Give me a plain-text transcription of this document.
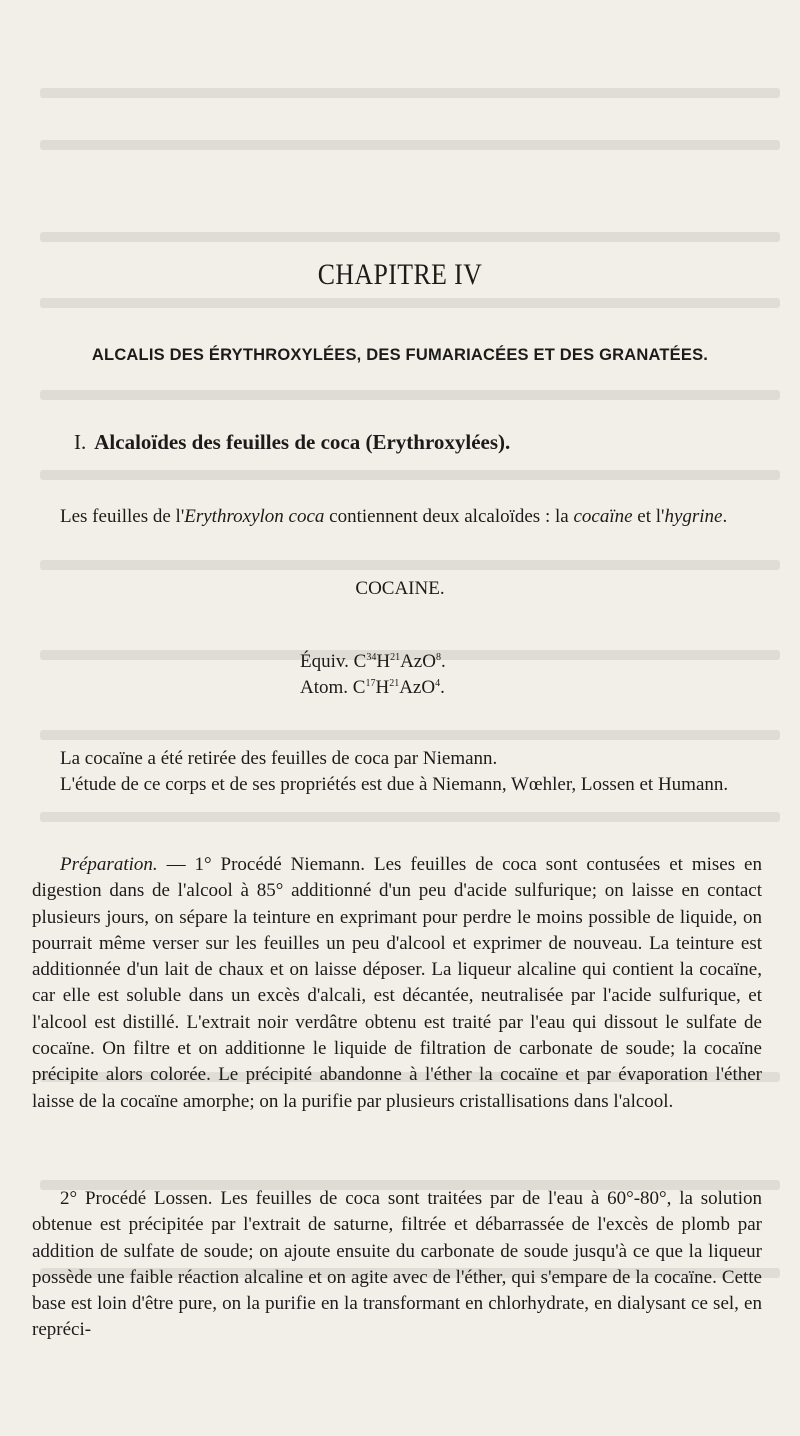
CHAPITRE IV
ALCALIS DES ÉRYTHROXYLÉES, DES FUMARIACÉES ET DES GRANATÉES.
I. Alcaloïdes des feuilles de coca (Erythroxylées).
Les feuilles de l'Erythroxylon coca contiennent deux alcaloïdes : la cocaïne et l'hygrine.
COCAINE.
Équiv. $C^{34}H^{21}AzO^8$.
Atom. $C^{17}H^{21}AzO^4$.
La cocaïne a été retirée des feuilles de coca par Niemann.
L'étude de ce corps et de ses propriétés est due à Niemann, Wœhler, Lossen et Humann.
Préparation. — 1° Procédé Niemann. Les feuilles de coca sont contusées et mises en digestion dans de l'alcool à 85° additionné d'un peu d'acide sulfurique; on laisse en contact plusieurs jours, on sépare la teinture en exprimant pour perdre le moins possible de liquide, on pourrait même verser sur les feuilles un peu d'alcool et exprimer de nouveau. La teinture est additionnée d'un lait de chaux et on laisse déposer. La liqueur alcaline qui contient la cocaïne, car elle est soluble dans un excès d'alcali, est décantée, neutralisée par l'acide sulfurique, et l'alcool est distillé. L'extrait noir verdâtre obtenu est traité par l'eau qui dissout le sulfate de cocaïne. On filtre et on additionne le liquide de filtration de carbonate de soude; la cocaïne précipite alors colorée. Le précipité abandonne à l'éther la cocaïne et par évaporation l'éther laisse de la cocaïne amorphe; on la purifie par plusieurs cristallisations dans l'alcool.
2° Procédé Lossen. Les feuilles de coca sont traitées par de l'eau à 60°-80°, la solution obtenue est précipitée par l'extrait de saturne, filtrée et débarrassée de l'excès de plomb par addition de sulfate de soude; on ajoute ensuite du carbonate de soude jusqu'à ce que la liqueur possède une faible réaction alcaline et on agite avec de l'éther, qui s'empare de la cocaïne. Cette base est loin d'être pure, on la purifie en la transformant en chlorhydrate, en dialysant ce sel, en repréci-
